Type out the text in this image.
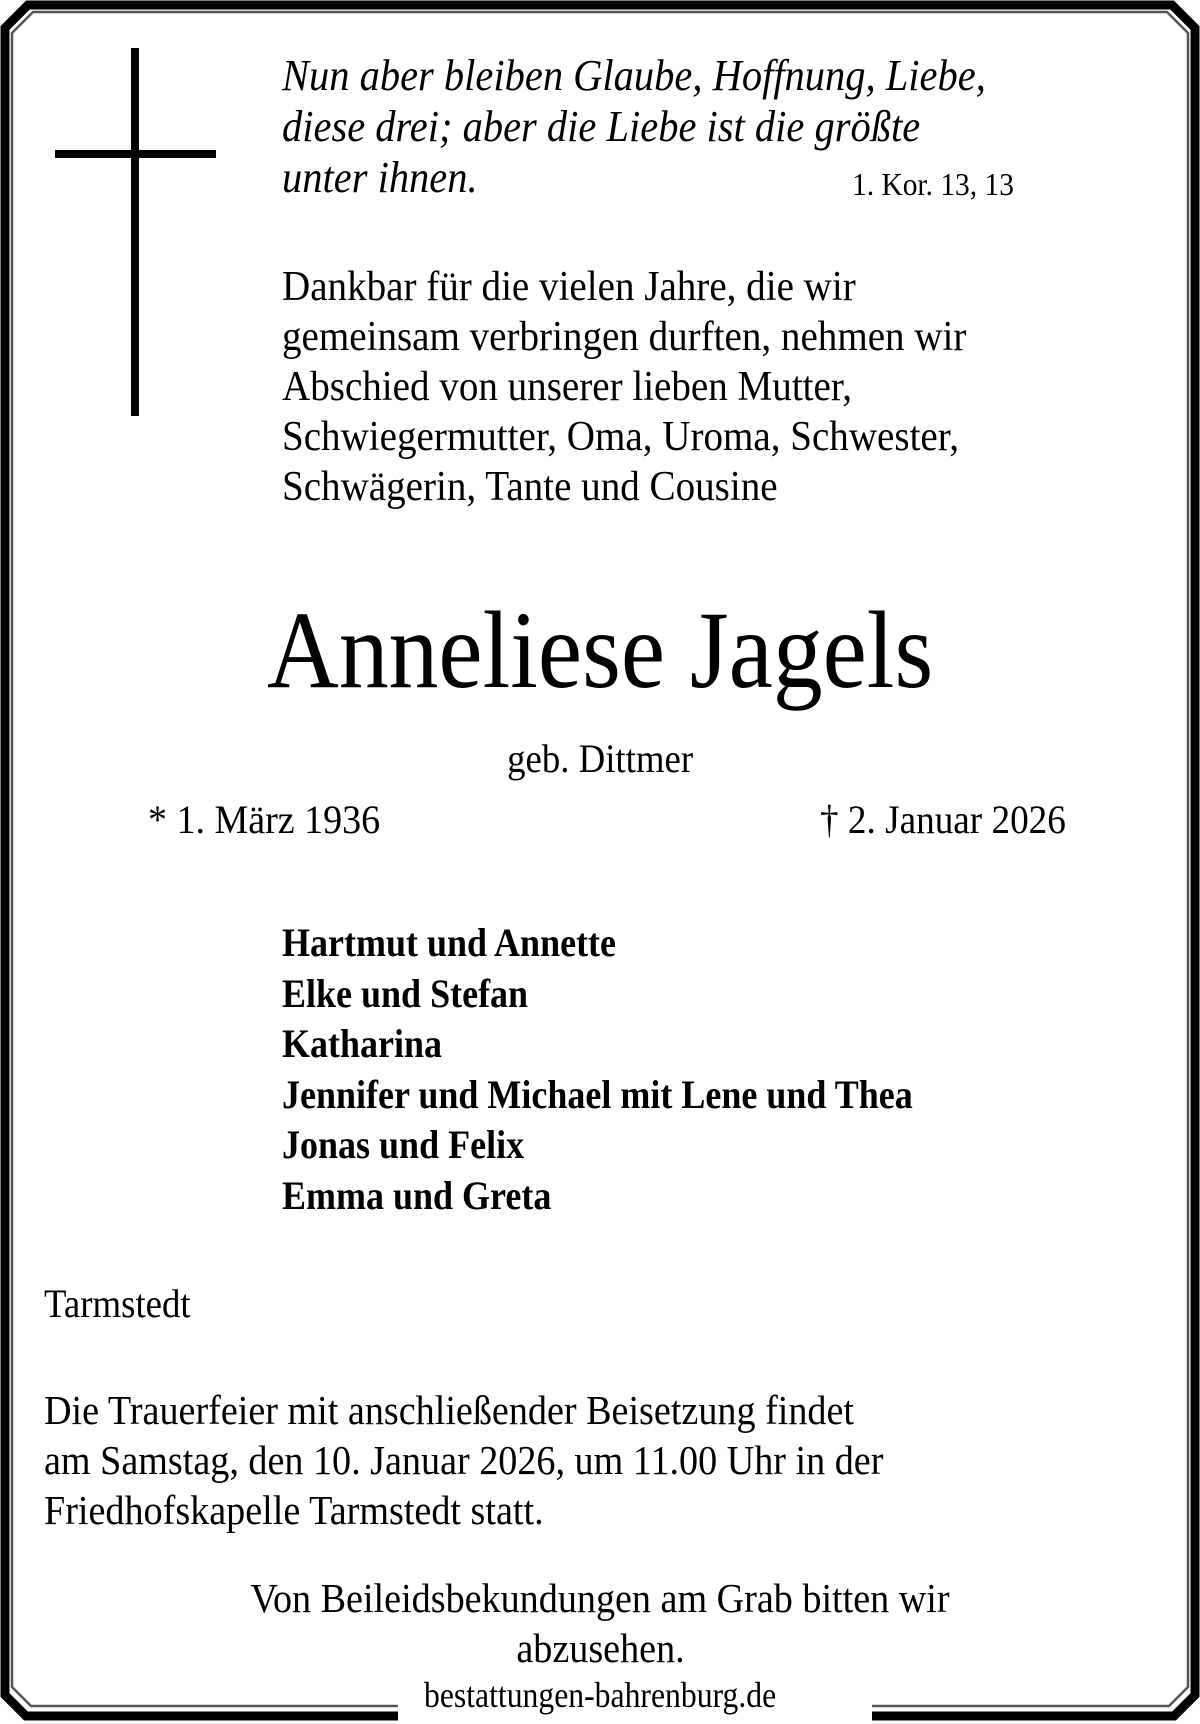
Nun aber bleiben Glaube, Hoffnung, Liebe,
diese drei; aber die Liebe ist die größte
unter ihnen.	1. Kor. 13, 13
Dankbar für die vielen Jahre, die wir
gemeinsam verbringen durften, nehmen wir
Abschied von unserer lieben Mutter,
Schwiegermutter, Oma, Uroma, Schwester,
Schwägerin, Tante und Cousine
Anneliese Jagels
geb. Dittmer
* 1. März 1936	† 2. Januar 2026
Hartmut und Annette
Elke und Stefan
Katharina
Jennifer und Michael mit Lene und Thea
Jonas und Felix
Emma und Greta
Tarmstedt
Die Trauerfeier mit anschließender Beisetzung findet
am Samstag, den 10. Januar 2026, um 11.00 Uhr in der
Friedhofskapelle Tarmstedt statt.
Von Beileidsbekundungen am Grab bitten wir
abzusehen.
bestattungen-bahrenburg.de
